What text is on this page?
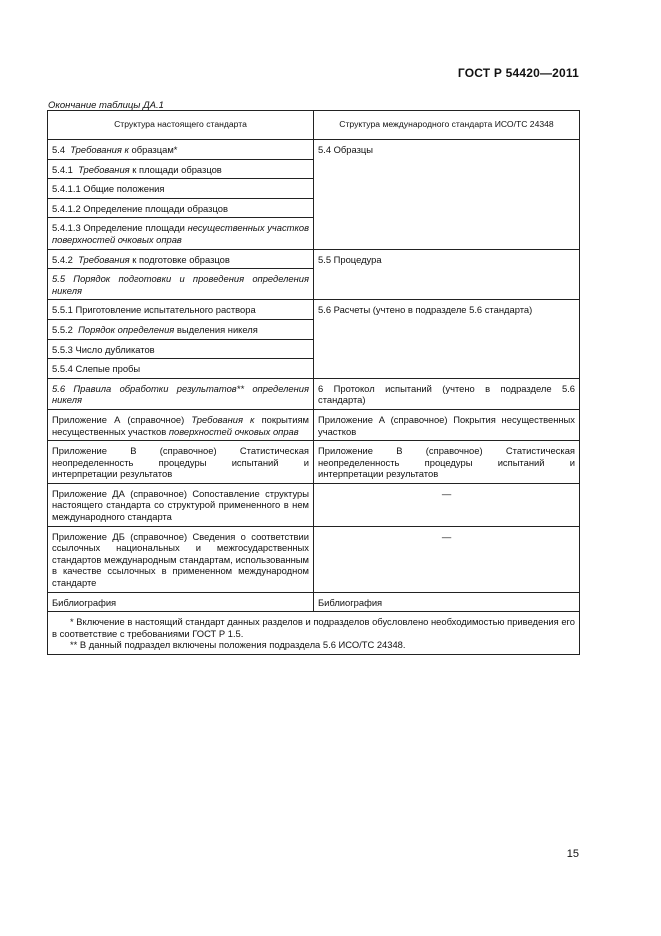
ГОСТ Р 54420—2011
Окончание таблицы ДА.1
Структура настоящего стандарта	Структура международного стандарта ИСО/ТС 24348
5.4 Требования к образцам*	5.4 Образцы
5.4.1 Требования к площади образцов	
5.4.1.1 Общие положения	
5.4.1.2 Определение площади образцов	
5.4.1.3 Определение площади несущественных участков поверхностей очковых оправ	
5.4.2 Требования к подготовке образцов	5.5 Процедура
5.5 Порядок подготовки и проведения определения никеля	
5.5.1 Приготовление испытательного раствора	5.6 Расчеты (учтено в подразделе 5.6 стандарта)
5.5.2 Порядок определения выделения никеля	
5.5.3 Число дубликатов	
5.5.4 Слепые пробы	
5.6 Правила обработки результатов** определения никеля	6 Протокол испытаний (учтено в подразделе 5.6 стандарта)
Приложение А (справочное) Требования к покрытиям несущественных участков поверхностей очковых оправ	Приложение А (справочное) Покрытия несущественных участков
Приложение В (справочное) Статистическая неопределенность процедуры испытаний и интерпретации результатов	Приложение В (справочное) Статистическая неопределенность процедуры испытаний и интерпретации результатов
Приложение ДА (справочное) Сопоставление структуры настоящего стандарта со структурой примененного в нем международного стандарта	—
Приложение ДБ (справочное) Сведения о соответствии ссылочных национальных и межгосударственных стандартов международным стандартам, использованным в качестве ссылочных в примененном международном стандарте	—
Библиография	Библиография

* Включение в настоящий стандарт данных разделов и подразделов обусловлено необходимостью приведения его в соответствие с требованиями ГОСТ Р 1.5.
** В данный подраздел включены положения подраздела 5.6 ИСО/ТС 24348.	
15
